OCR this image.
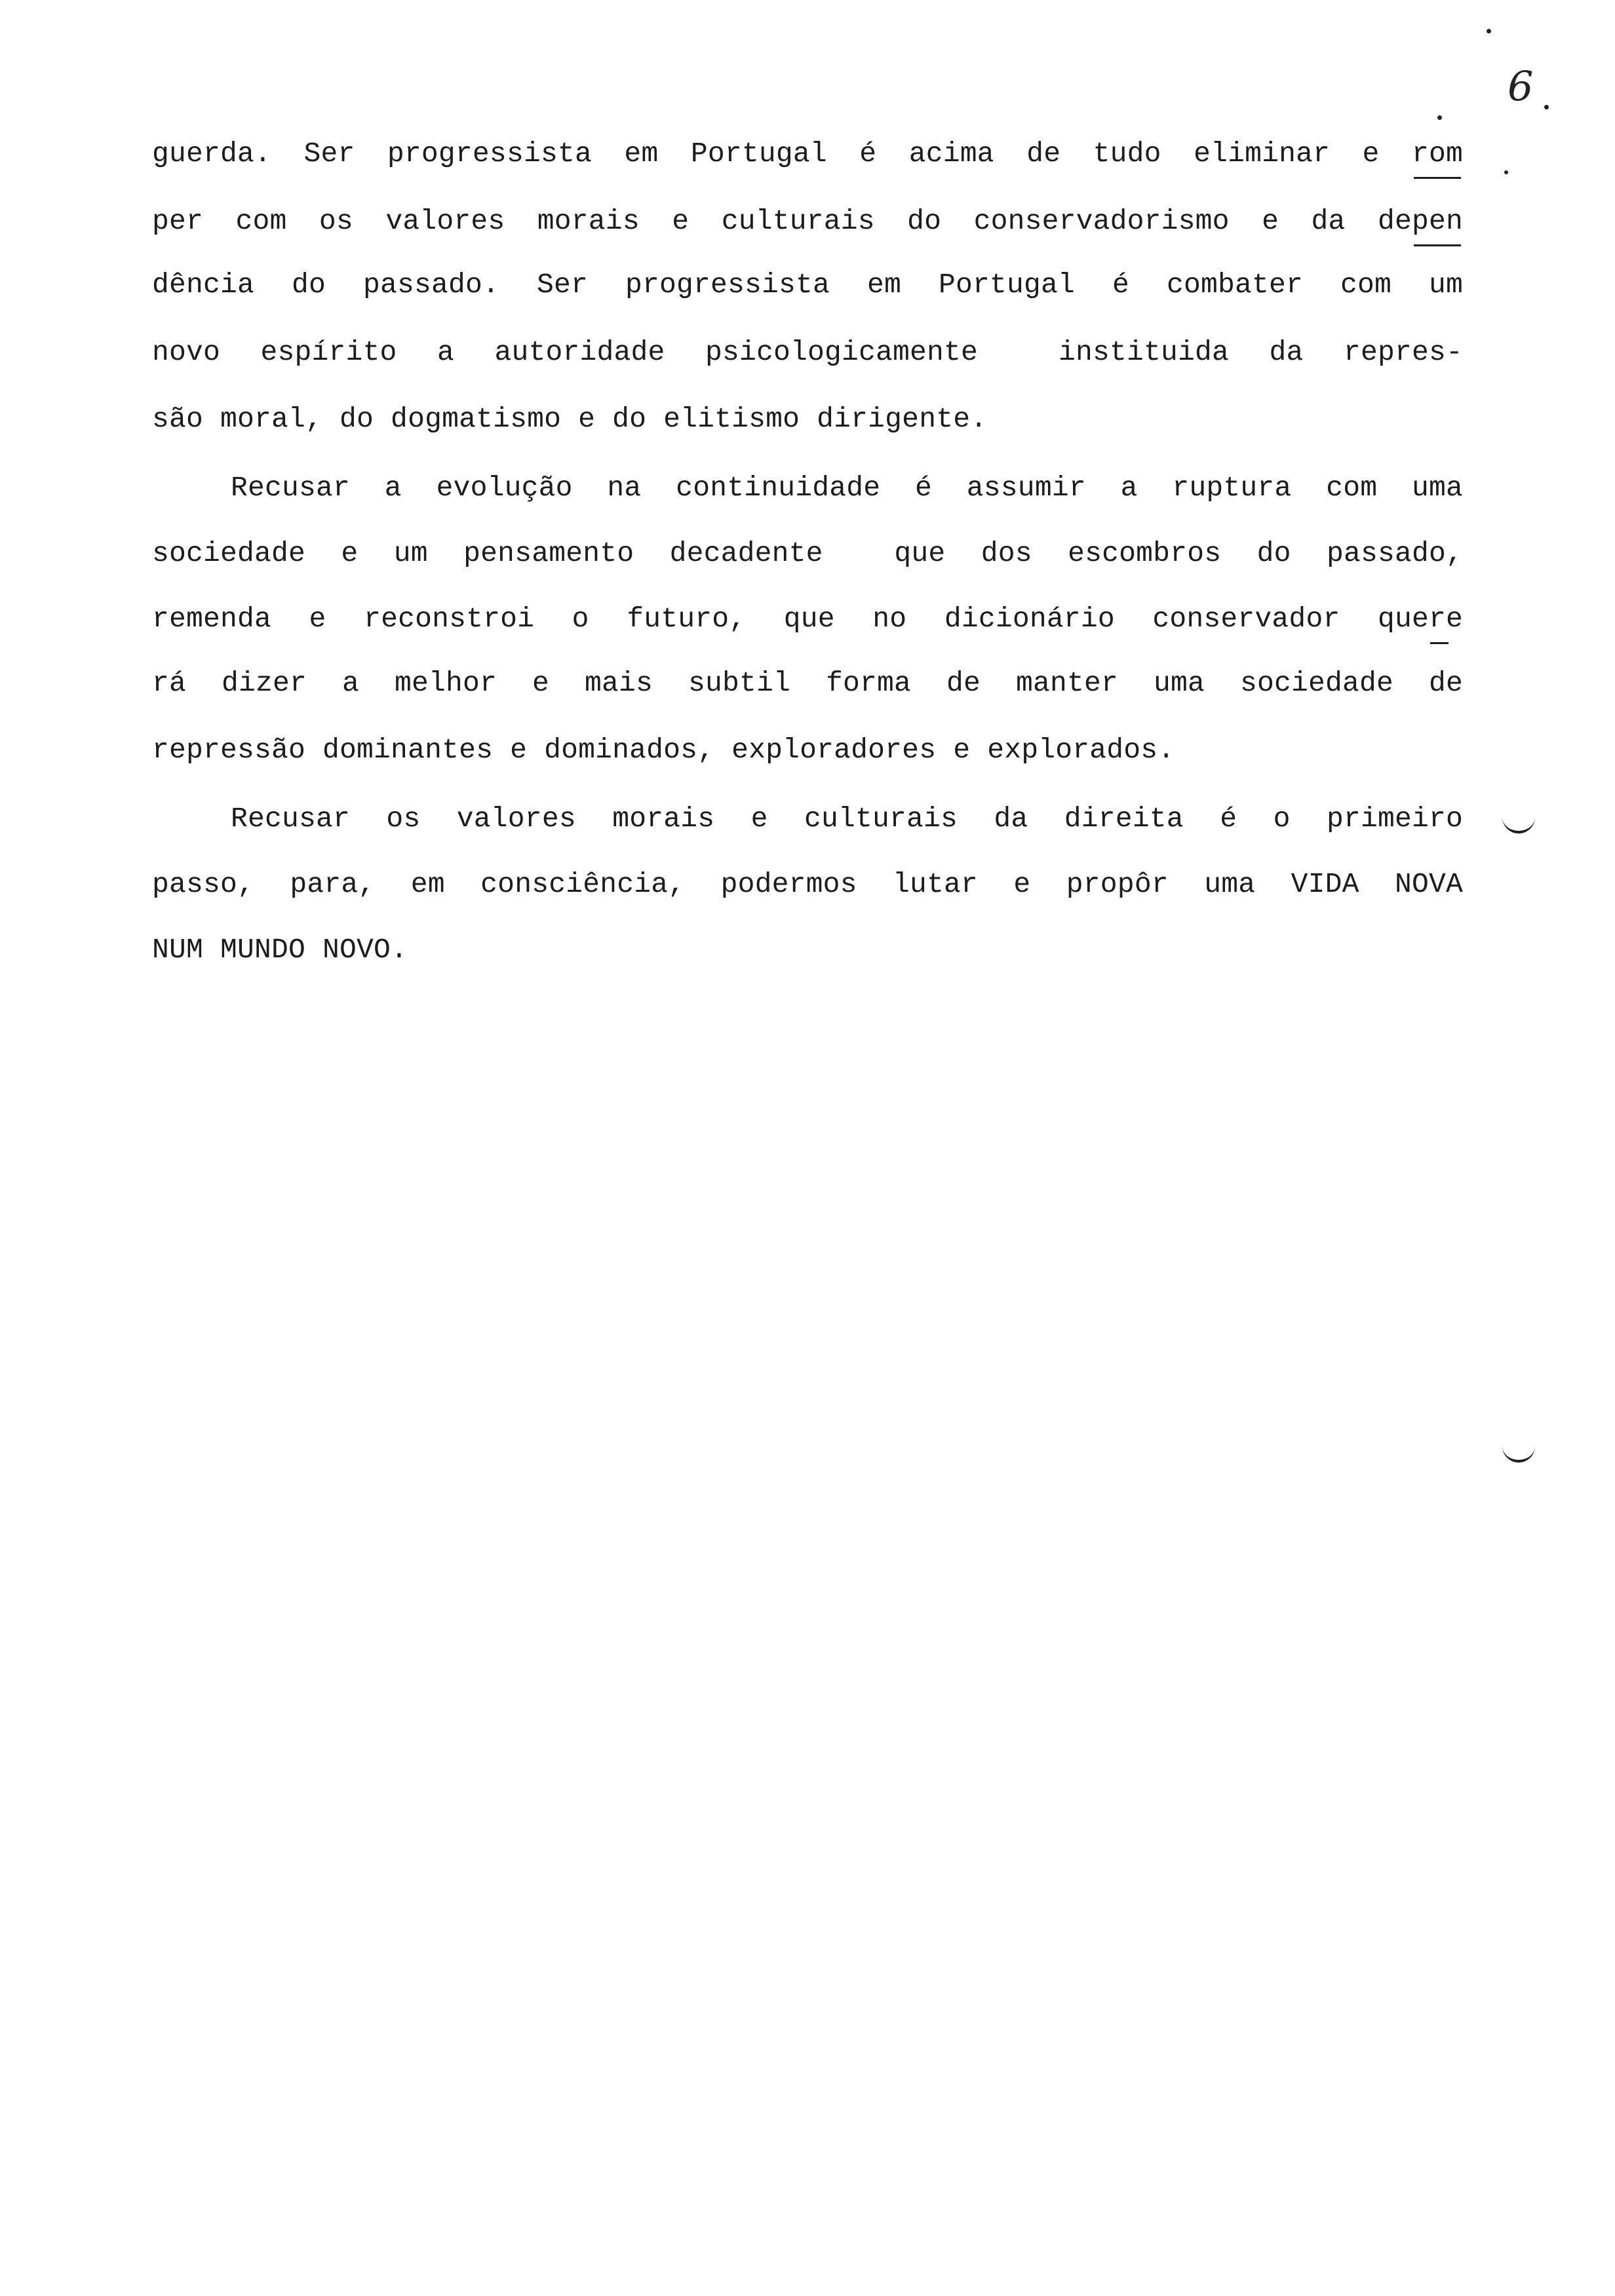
6
guerda. Ser progressista em Portugal é acima de tudo eliminar e rom
per com os valores morais e culturais do conservadorismo e da depen
dência do passado. Ser progressista em Portugal é combater com um
novo espírito a autoridade psicologicamente  instituida da repres-
são moral, do dogmatismo e do elitismo dirigente.
Recusar a evolução na continuidade é assumir a ruptura com uma
sociedade e um pensamento decadente  que dos escombros do passado,
remenda e reconstroi o futuro, que no dicionário conservador quere
rá dizer a melhor e mais subtil forma de manter uma sociedade de
repressão dominantes e dominados, exploradores e explorados.
Recusar os valores morais e culturais da direita é o primeiro
passo, para, em consciência, podermos lutar e propôr uma VIDA NOVA
NUM MUNDO NOVO.
